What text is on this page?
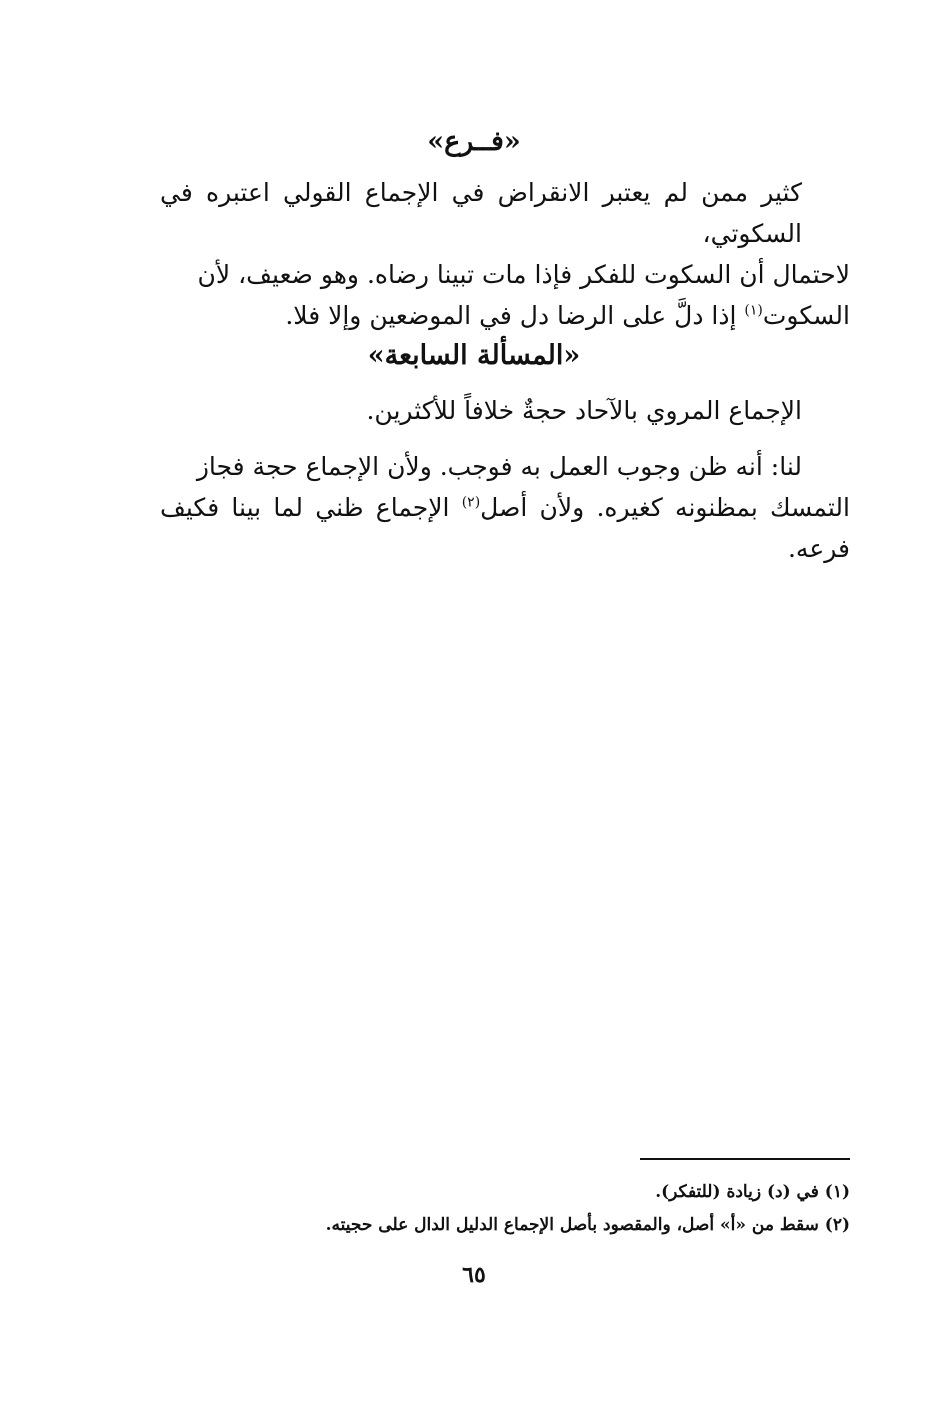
«فــرع»

كثير ممن لم يعتبر الانقراض في الإجماع القولي اعتبره في السكوتي،

لاحتمال أن السكوت للفكر فإذا مات تبينا رضاه. وهو ضعيف، لأن

السكوت$^{(١)}$ إذا دلَّ على الرضا دل في الموضعين وإلا فلا.

«المسألة السابعة»

الإجماع المروي بالآحاد حجةٌ خلافاً للأكثرين.

لنا: أنه ظن وجوب العمل به فوجب. ولأن الإجماع حجة فجاز

التمسك بمظنونه كغيره. ولأن أصل$^{(٢)}$ الإجماع ظني لما بينا فكيف فرعه.

(١) في (د) زيادة (للتفكر).
(٢) سقط من «أ» أصل، والمقصود بأصل الإجماع الدليل الدال على حجيته.
٦٥
